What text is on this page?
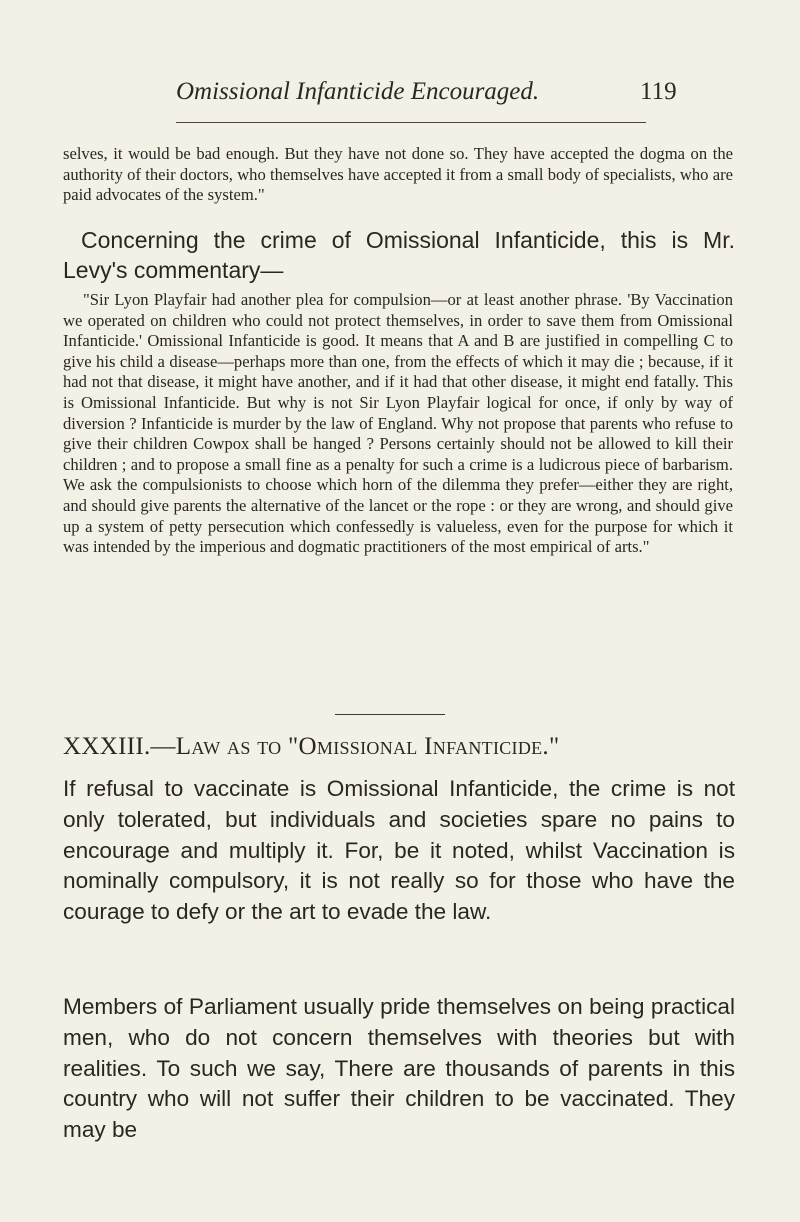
Omissional Infanticide Encouraged.	119
selves, it would be bad enough. But they have not done so. They have accepted the dogma on the authority of their doctors, who themselves have accepted it from a small body of specialists, who are paid advocates of the system."
Concerning the crime of Omissional Infanticide, this is Mr. Levy's commentary—
"Sir Lyon Playfair had another plea for compulsion—or at least another phrase. 'By Vaccination we operated on children who could not protect themselves, in order to save them from Omissional Infanticide.' Omissional Infanticide is good. It means that A and B are justified in compelling C to give his child a disease—perhaps more than one, from the effects of which it may die ; because, if it had not that disease, it might have another, and if it had that other disease, it might end fatally. This is Omissional Infanticide. But why is not Sir Lyon Playfair logical for once, if only by way of diversion ? Infanticide is murder by the law of England. Why not propose that parents who refuse to give their children Cowpox shall be hanged ? Persons certainly should not be allowed to kill their children ; and to propose a small fine as a penalty for such a crime is a ludicrous piece of barbarism. We ask the compulsionists to choose which horn of the dilemma they prefer—either they are right, and should give parents the alternative of the lancet or the rope : or they are wrong, and should give up a system of petty persecution which confessedly is valueless, even for the purpose for which it was intended by the imperious and dogmatic practitioners of the most empirical of arts."
XXXIII.—Law as to "Omissional Infanticide."
If refusal to vaccinate is Omissional Infanticide, the crime is not only tolerated, but individuals and societies spare no pains to encourage and multiply it. For, be it noted, whilst Vaccination is nominally compulsory, it is not really so for those who have the courage to defy or the art to evade the law.
Members of Parliament usually pride themselves on being practical men, who do not concern themselves with theories but with realities. To such we say, There are thousands of parents in this country who will not suffer their children to be vaccinated. They may be
